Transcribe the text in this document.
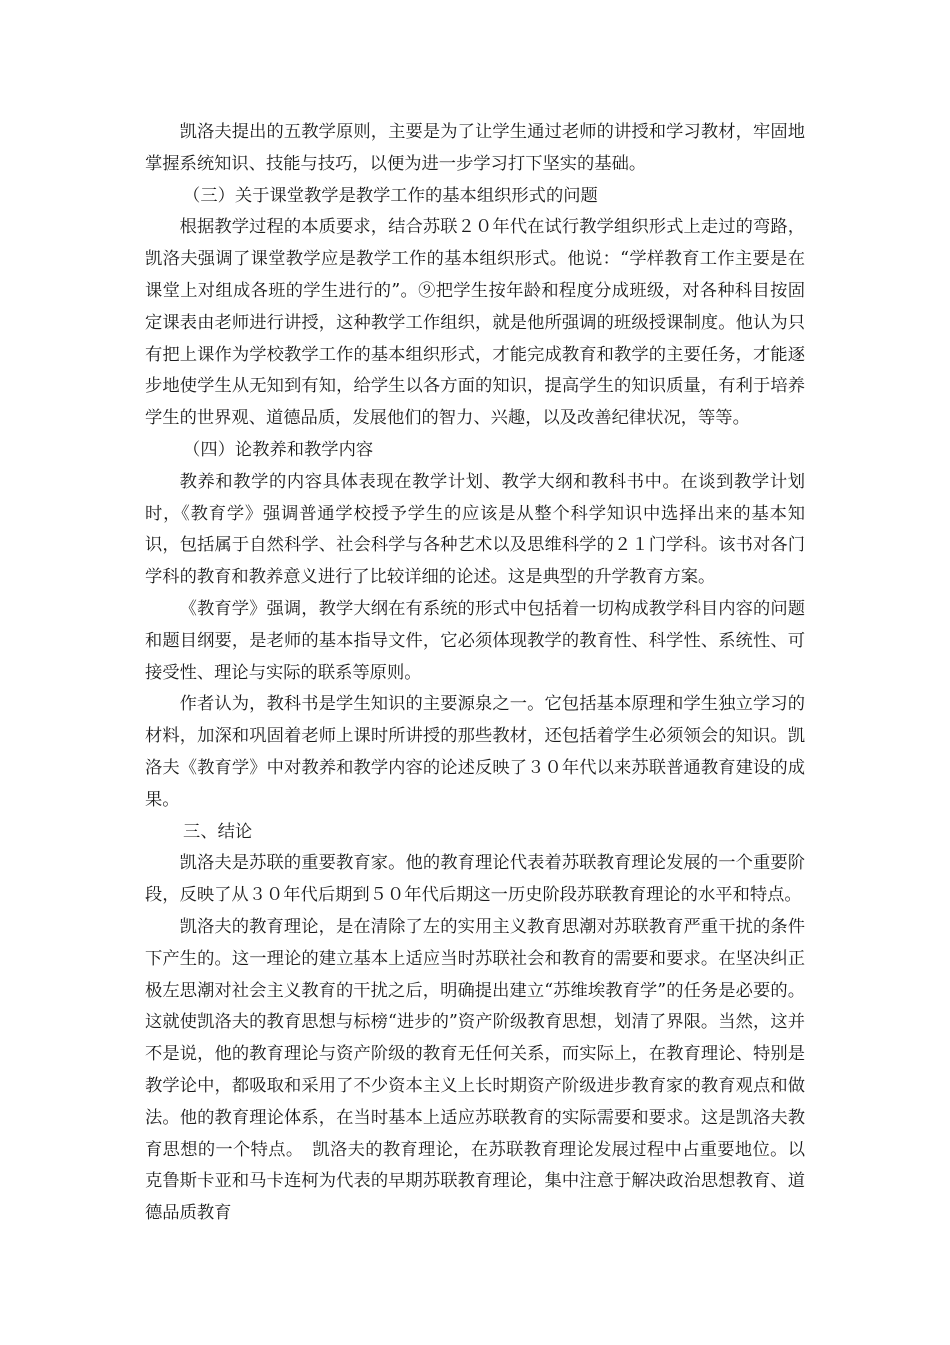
凯洛夫提出的五教学原则，主要是为了让学生通过老师的讲授和学习教材，牢固地掌握系统知识、技能与技巧，以便为进一步学习打下坚实的基础。

（三）关于课堂教学是教学工作的基本组织形式的问题

根据教学过程的本质要求，结合苏联２０年代在试行教学组织形式上走过的弯路，凯洛夫强调了课堂教学应是教学工作的基本组织形式。他说：“学样教育工作主要是在课堂上对组成各班的学生进行的”。⑨把学生按年龄和程度分成班级，对各种科目按固定课表由老师进行讲授，这种教学工作组织，就是他所强调的班级授课制度。他认为只有把上课作为学校教学工作的基本组织形式，才能完成教育和教学的主要任务，才能逐步地使学生从无知到有知，给学生以各方面的知识，提高学生的知识质量，有利于培养学生的世界观、道德品质，发展他们的智力、兴趣，以及改善纪律状况，等等。

（四）论教养和教学内容

教养和教学的内容具体表现在教学计划、教学大纲和教科书中。在谈到教学计划时，《教育学》强调普通学校授予学生的应该是从整个科学知识中选择出来的基本知识，包括属于自然科学、社会科学与各种艺术以及思维科学的２１门学科。该书对各门学科的教育和教养意义进行了比较详细的论述。这是典型的升学教育方案。

《教育学》强调，教学大纲在有系统的形式中包括着一切构成教学科目内容的问题和题目纲要，是老师的基本指导文件，它必须体现教学的教育性、科学性、系统性、可接受性、理论与实际的联系等原则。

作者认为，教科书是学生知识的主要源泉之一。它包括基本原理和学生独立学习的材料，加深和巩固着老师上课时所讲授的那些教材，还包括着学生必须领会的知识。凯洛夫《教育学》中对教养和教学内容的论述反映了３０年代以来苏联普通教育建设的成果。

三、结论

凯洛夫是苏联的重要教育家。他的教育理论代表着苏联教育理论发展的一个重要阶段，反映了从３０年代后期到５０年代后期这一历史阶段苏联教育理论的水平和特点。

凯洛夫的教育理论，是在清除了左的实用主义教育思潮对苏联教育严重干扰的条件下产生的。这一理论的建立基本上适应当时苏联社会和教育的需要和要求。在坚决纠正极左思潮对社会主义教育的干扰之后，明确提出建立“苏维埃教育学”的任务是必要的。这就使凯洛夫的教育思想与标榜“进步的”资产阶级教育思想，划清了界限。当然，这并不是说，他的教育理论与资产阶级的教育无任何关系，而实际上，在教育理论、特别是教学论中，都吸取和采用了不少资本主义上长时期资产阶级进步教育家的教育观点和做法。他的教育理论体系，在当时基本上适应苏联教育的实际需要和要求。这是凯洛夫教育思想的一个特点。　凯洛夫的教育理论，在苏联教育理论发展过程中占重要地位。以克鲁斯卡亚和马卡连柯为代表的早期苏联教育理论，集中注意于解决政治思想教育、道德品质教育
